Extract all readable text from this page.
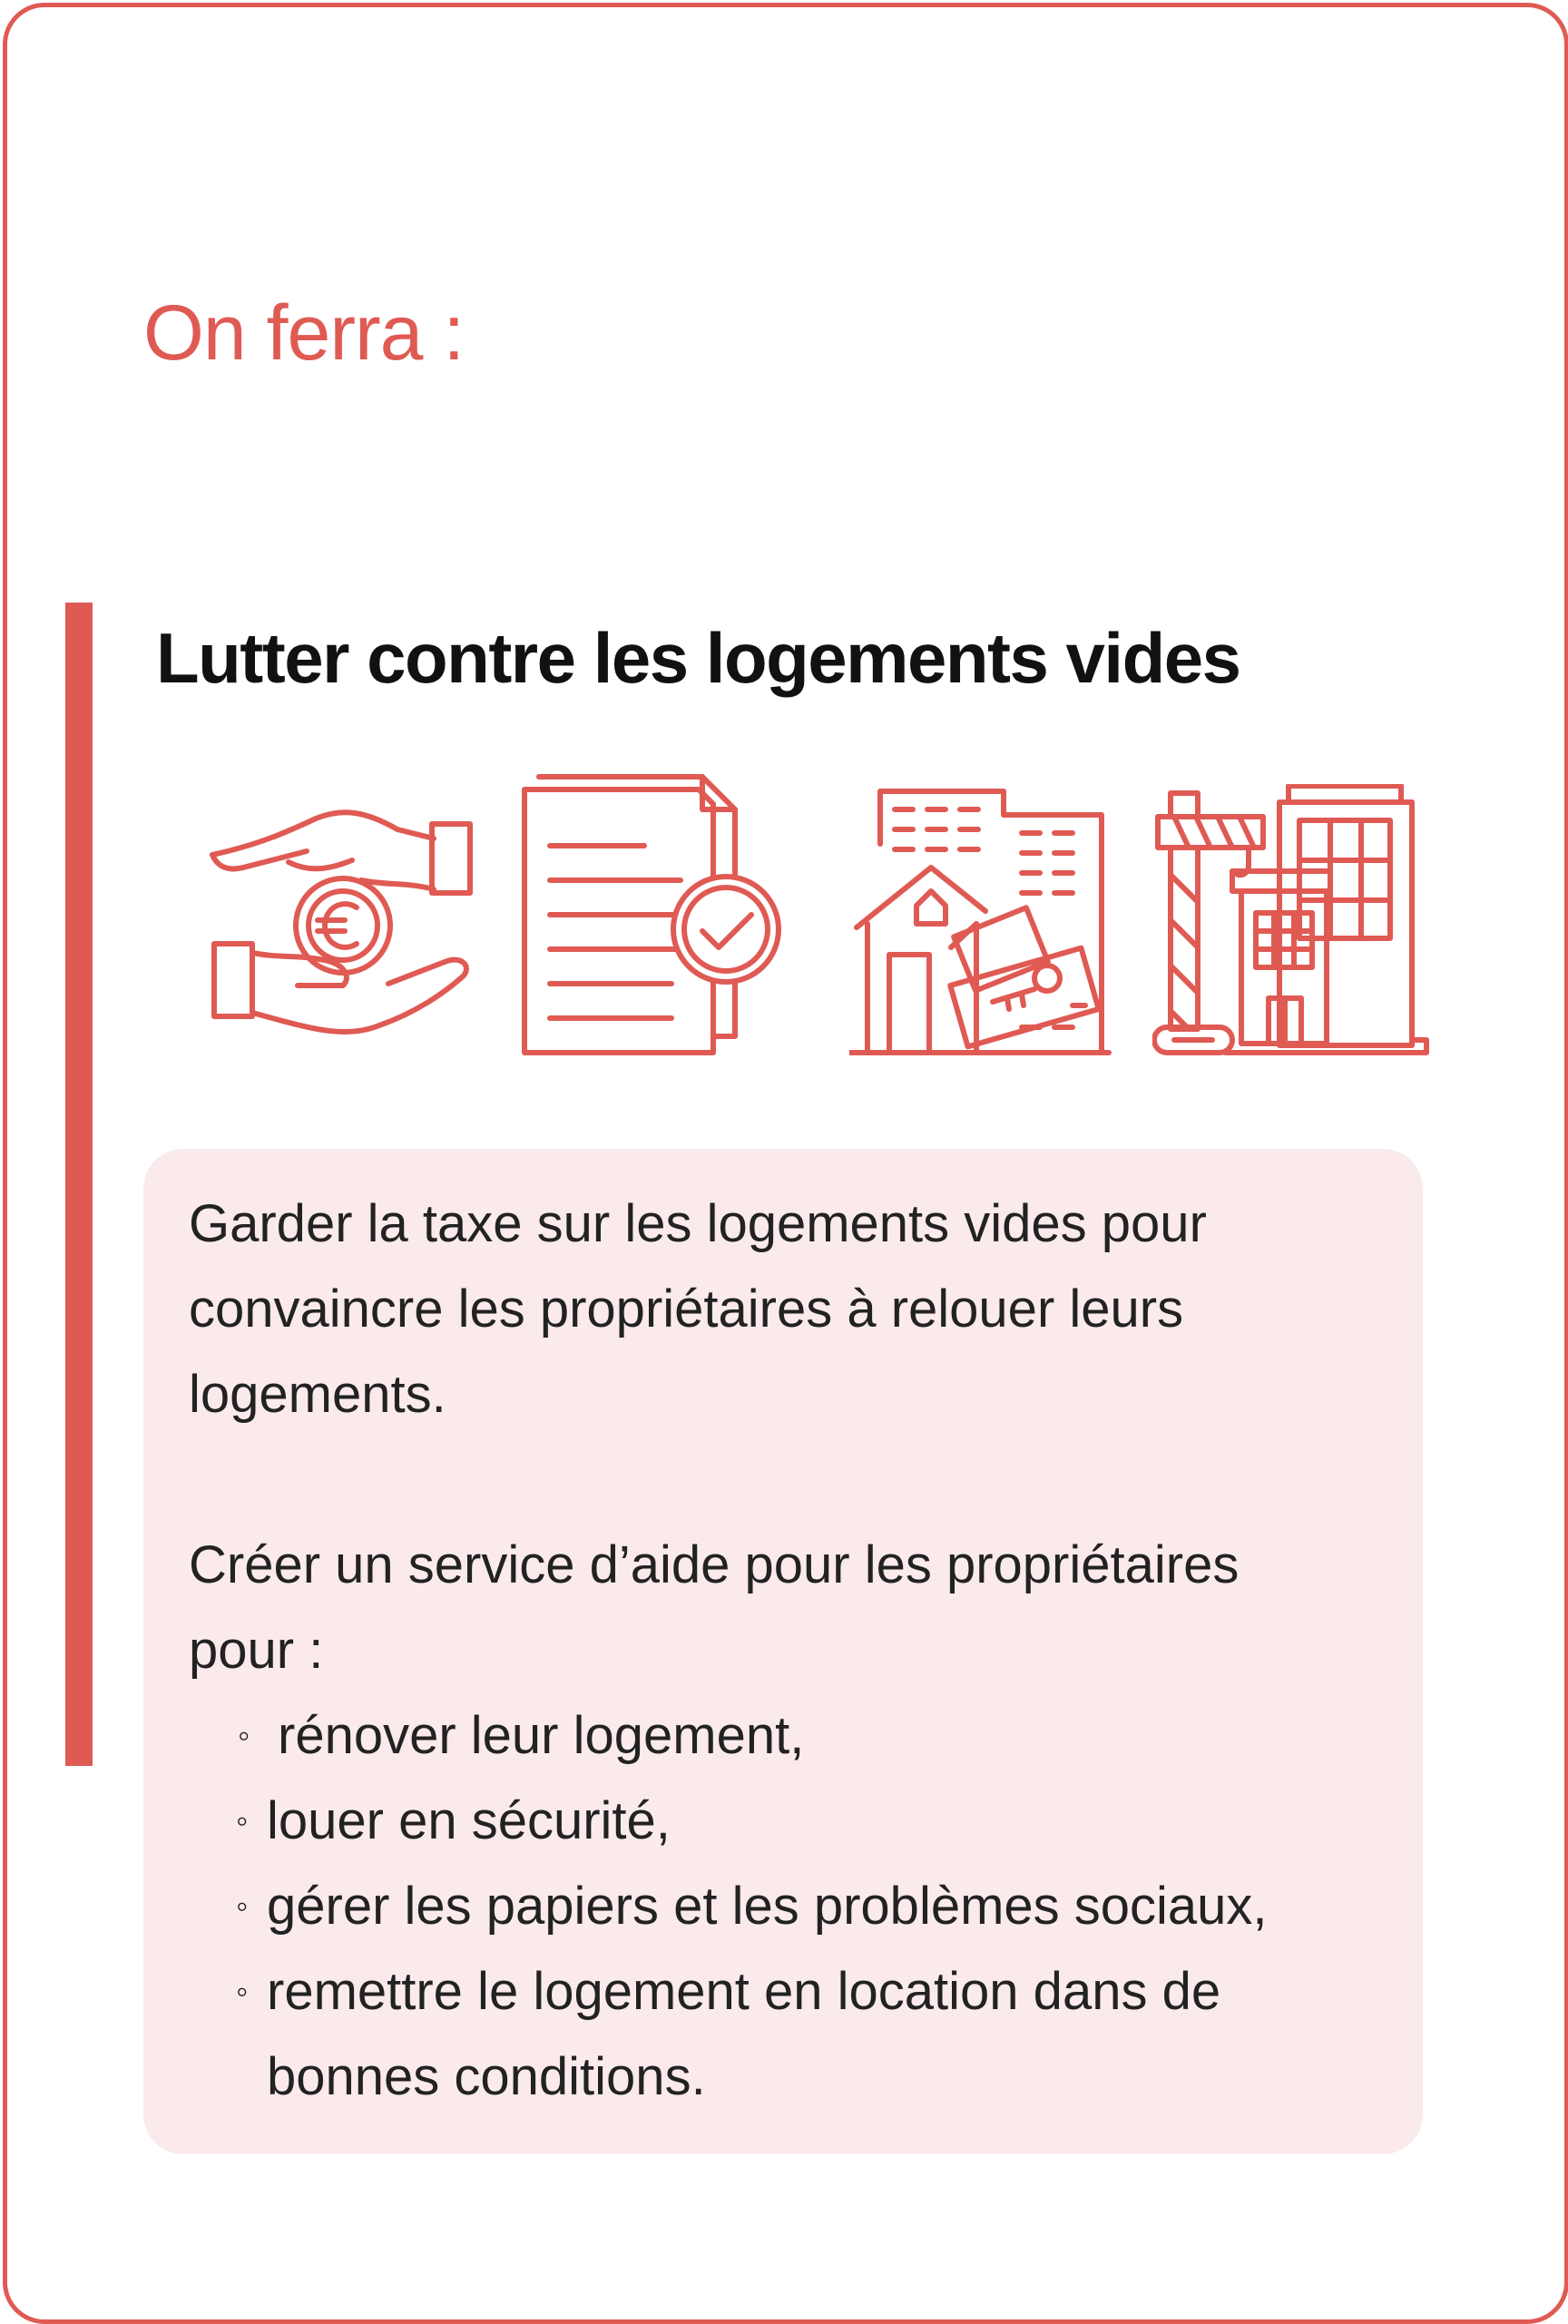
On ferra :
Lutter contre les logements vides

Garder la taxe sur les logements vides pour convaincre les propriétaires à relouer leurs logements.

Créer un service d’aide pour les propriétaires

pour :

◦ rénover leur logement,
◦ louer en sécurité,
◦ gérer les papiers et les problèmes sociaux,
◦ remettre le logement en location dans de
bonnes conditions.
